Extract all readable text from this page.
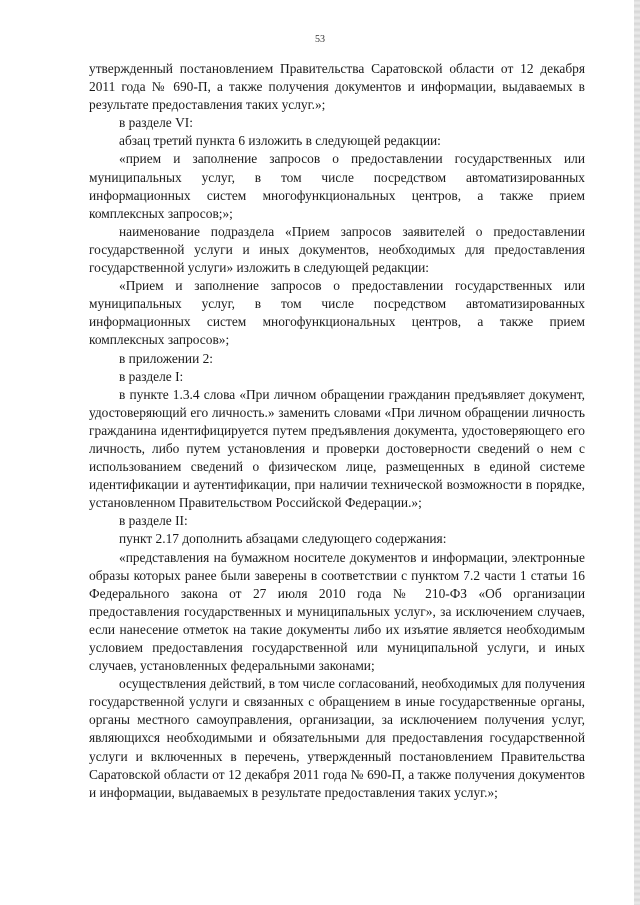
53

утвержденный постановлением Правительства Саратовской области от 12 декабря 2011 года № 690-П, а также получения документов и информации, выдаваемых в результате предоставления таких услуг.»;

в разделе VI:

абзац третий пункта 6 изложить в следующей редакции:

«прием и заполнение запросов о предоставлении государственных или муниципальных услуг, в том числе посредством автоматизированных информационных систем многофункциональных центров, а также прием комплексных запросов;»;

наименование подраздела «Прием запросов заявителей о предоставлении государственной услуги и иных документов, необходимых для предоставления государственной услуги» изложить в следующей редакции:

«Прием и заполнение запросов о предоставлении государственных или муниципальных услуг, в том числе посредством автоматизированных информационных систем многофункциональных центров, а также прием комплексных запросов»;

в приложении 2:

в разделе I:

в пункте 1.3.4 слова «При личном обращении гражданин предъявляет документ, удостоверяющий его личность.» заменить словами «При личном обращении личность гражданина идентифицируется путем предъявления документа, удостоверяющего его личность, либо путем установления и проверки достоверности сведений о нем с использованием сведений о физическом лице, размещенных в единой системе идентификации и аутентификации, при наличии технической возможности в порядке, установленном Правительством Российской Федерации.»;

в разделе II:

пункт 2.17 дополнить абзацами следующего содержания:

«представления на бумажном носителе документов и информации, электронные образы которых ранее были заверены в соответствии с пунктом 7.2 части 1 статьи 16 Федерального закона от 27 июля 2010 года № 210-ФЗ «Об организации предоставления государственных и муниципальных услуг», за исключением случаев, если нанесение отметок на такие документы либо их изъятие является необходимым условием предоставления государственной или муниципальной услуги, и иных случаев, установленных федеральными законами;

осуществления действий, в том числе согласований, необходимых для получения государственной услуги и связанных с обращением в иные государственные органы, органы местного самоуправления, организации, за исключением получения услуг, являющихся необходимыми и обязательными для предоставления государственной услуги и включенных в перечень, утвержденный постановлением Правительства Саратовской области от 12 декабря 2011 года № 690-П, а также получения документов и информации, выдаваемых в результате предоставления таких услуг.»;
